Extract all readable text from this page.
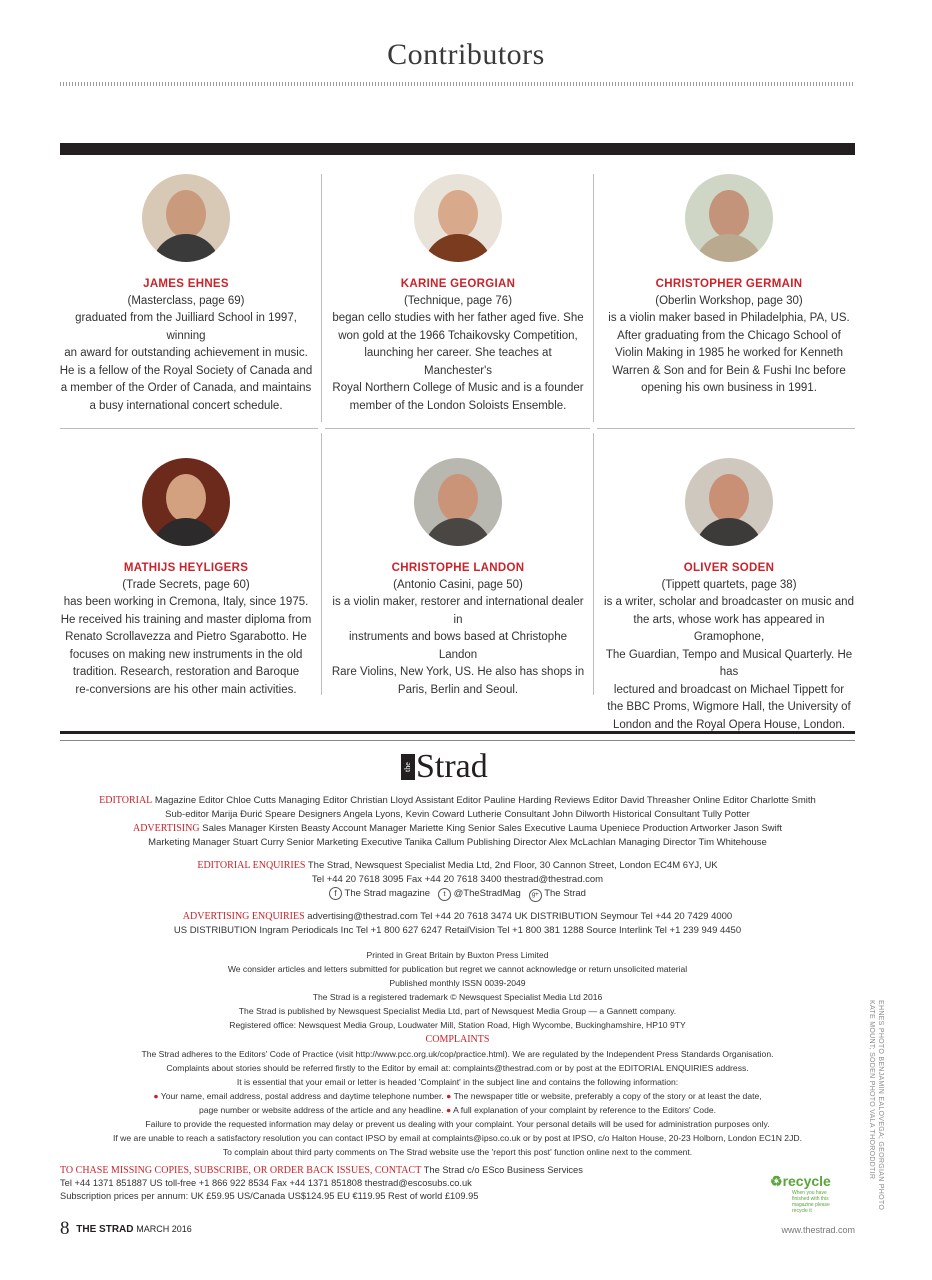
Contributors
JAMES EHNES
(Masterclass, page 69)
graduated from the Juilliard School in 1997, winning
an award for outstanding achievement in music.
He is a fellow of the Royal Society of Canada and
a member of the Order of Canada, and maintains
a busy international concert schedule.
KARINE GEORGIAN
(Technique, page 76)
began cello studies with her father aged five. She
won gold at the 1966 Tchaikovsky Competition,
launching her career. She teaches at Manchester's
Royal Northern College of Music and is a founder
member of the London Soloists Ensemble.
CHRISTOPHER GERMAIN
(Oberlin Workshop, page 30)
is a violin maker based in Philadelphia, PA, US.
After graduating from the Chicago School of
Violin Making in 1985 he worked for Kenneth
Warren & Son and for Bein & Fushi Inc before
opening his own business in 1991.
MATHIJS HEYLIGERS
(Trade Secrets, page 60)
has been working in Cremona, Italy, since 1975.
He received his training and master diploma from
Renato Scrollavezza and Pietro Sgarabotto. He
focuses on making new instruments in the old
tradition. Research, restoration and Baroque
re-conversions are his other main activities.
CHRISTOPHE LANDON
(Antonio Casini, page 50)
is a violin maker, restorer and international dealer in
instruments and bows based at Christophe Landon
Rare Violins, New York, US. He also has shops in
Paris, Berlin and Seoul.
OLIVER SODEN
(Tippett quartets, page 38)
is a writer, scholar and broadcaster on music and
the arts, whose work has appeared in Gramophone,
The Guardian, Tempo and Musical Quarterly. He has
lectured and broadcast on Michael Tippett for
the BBC Proms, Wigmore Hall, the University of
London and the Royal Opera House, London.
the Strad
EDITORIAL Magazine Editor Chloe Cutts Managing Editor Christian Lloyd Assistant Editor Pauline Harding Reviews Editor David Threasher Online Editor Charlotte Smith
Sub-editor Marija Đurić Speare Designers Angela Lyons, Kevin Coward Lutherie Consultant John Dilworth Historical Consultant Tully Potter
ADVERTISING Sales Manager Kirsten Beasty Account Manager Mariette King Senior Sales Executive Lauma Upeniece Production Artworker Jason Swift
Marketing Manager Stuart Curry Senior Marketing Executive Tanika Callum Publishing Director Alex McLachlan Managing Director Tim Whitehouse
EDITORIAL ENQUIRIES The Strad, Newsquest Specialist Media Ltd, 2nd Floor, 30 Cannon Street, London EC4M 6YJ, UK
Tel +44 20 7618 3095 Fax +44 20 7618 3400 thestrad@thestrad.com
f The Strad magazine t @TheStradMag g+ The Strad
ADVERTISING ENQUIRIES advertising@thestrad.com Tel +44 20 7618 3474 UK DISTRIBUTION Seymour Tel +44 20 7429 4000
US DISTRIBUTION Ingram Periodicals Inc Tel +1 800 627 6247 RetailVision Tel +1 800 381 1288 Source Interlink Tel +1 239 949 4450
Printed in Great Britain by Buxton Press Limited
We consider articles and letters submitted for publication but regret we cannot acknowledge or return unsolicited material
Published monthly ISSN 0039-2049
The Strad is a registered trademark © Newsquest Specialist Media Ltd 2016
The Strad is published by Newsquest Specialist Media Ltd, part of Newsquest Media Group — a Gannett company.
Registered office: Newsquest Media Group, Loudwater Mill, Station Road, High Wycombe, Buckinghamshire, HP10 9TY
COMPLAINTS
The Strad adheres to the Editors' Code of Practice (visit http://www.pcc.org.uk/cop/practice.html). We are regulated by the Independent Press Standards Organisation.
Complaints about stories should be referred firstly to the Editor by email at: complaints@thestrad.com or by post at the EDITORIAL ENQUIRIES address.
It is essential that your email or letter is headed 'Complaint' in the subject line and contains the following information:
● Your name, email address, postal address and daytime telephone number. ● The newspaper title or website, preferably a copy of the story or at least the date,
page number or website address of the article and any headline. ● A full explanation of your complaint by reference to the Editors' Code.
Failure to provide the requested information may delay or prevent us dealing with your complaint. Your personal details will be used for administration purposes only.
If we are unable to reach a satisfactory resolution you can contact IPSO by email at complaints@ipso.co.uk or by post at IPSO, c/o Halton House, 20-23 Holborn, London EC1N 2JD.
To complain about third party comments on The Strad website use the 'report this post' function online next to the comment.
TO CHASE MISSING COPIES, SUBSCRIBE, OR ORDER BACK ISSUES, CONTACT The Strad c/o ESco Business Services
Tel +44 1371 851887 US toll-free +1 866 922 8534 Fax +44 1371 851808 thestrad@escosubs.co.uk
Subscription prices per annum: UK £59.95 US/Canada US$124.95 EU €119.95 Rest of world £109.95
♻recycle
When you have finished with this magazine please recycle it
EHNES PHOTO BENJAMIN EALOVEGA; GEORGIAN PHOTO
KATE MOUNT; SODEN PHOTO VALA THORODDTIR
8 THE STRAD MARCH 2016	www.thestrad.com
